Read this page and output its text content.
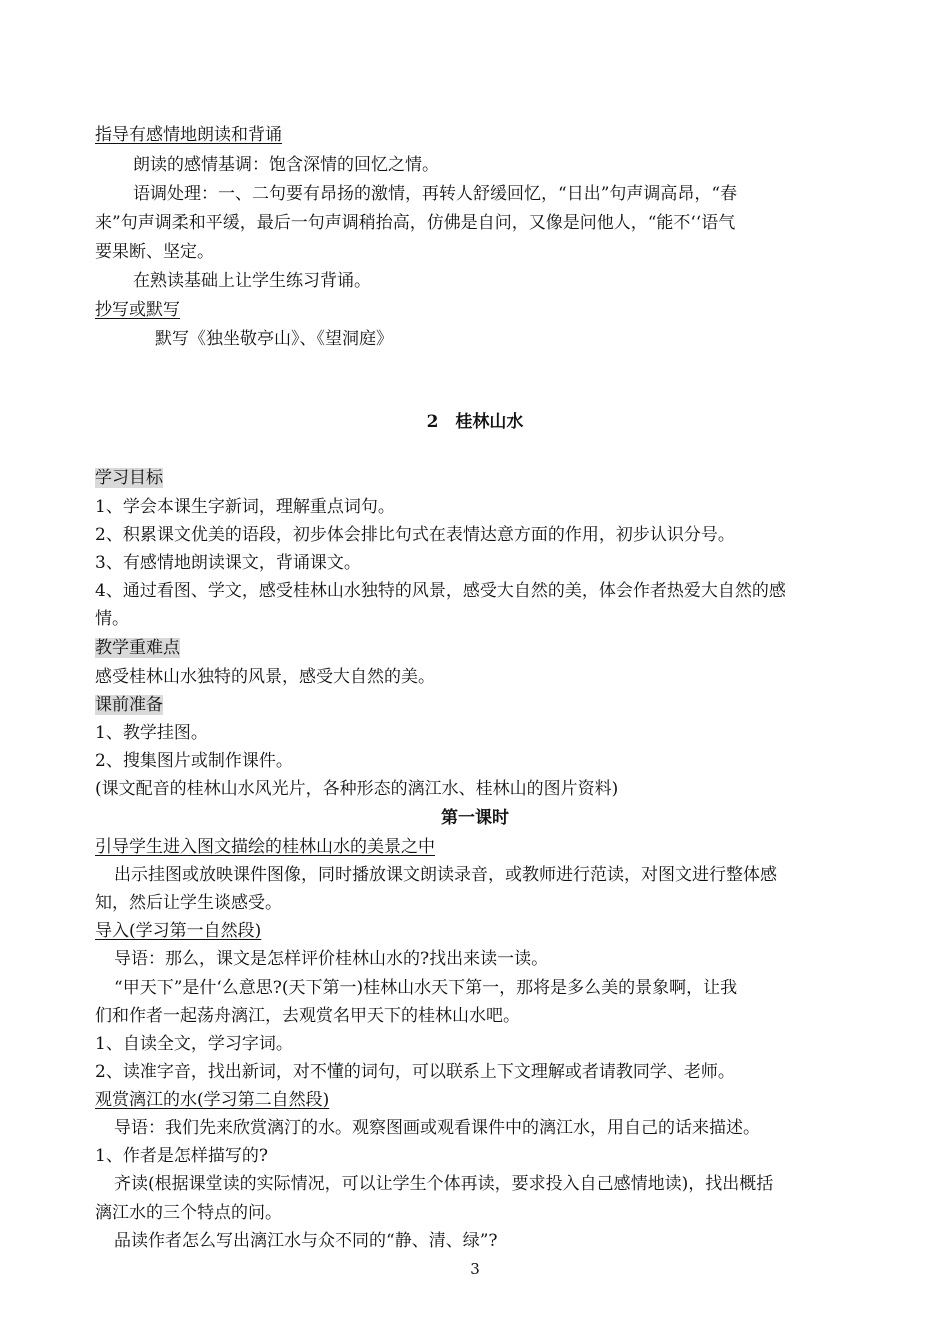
指导有感情地朗读和背诵
朗读的感情基调：饱含深情的回忆之情。
语调处理：一、二句要有昂扬的激情，再转人舒缓回忆，“日出”句声调高昂，“春
来”句声调柔和平缓，最后一句声调稍抬高，仿佛是自问，又像是问他人，“能不‘‘语气
要果断、坚定。
在熟读基础上让学生练习背诵。
抄写或默写
默写《独坐敬亭山》、《望洞庭》
2　桂林山水
学习目标
1、学会本课生字新词，理解重点词句。
2、积累课文优美的语段，初步体会排比句式在表情达意方面的作用，初步认识分号。
3、有感情地朗读课文，背诵课文。
4、通过看图、学文，感受桂林山水独特的风景，感受大自然的美，体会作者热爱大自然的感
情。
教学重难点
感受桂林山水独特的风景，感受大自然的美。
课前准备
1、教学挂图。
2、搜集图片或制作课件。
(课文配音的桂林山水风光片，各种形态的漓江水、桂林山的图片资料)
第一课时
引导学生进入图文描绘的桂林山水的美景之中
出示挂图或放映课件图像，同时播放课文朗读录音，或教师进行范读，对图文进行整体感
知，然后让学生谈感受。
导入(学习第一自然段)
导语：那么，课文是怎样评价桂林山水的?找出来读一读。
“甲天下”是什‘么意思?(天下第一)桂林山水天下第一，那将是多么美的景象啊，让我
们和作者一起荡舟漓江，去观赏名甲天下的桂林山水吧。
1、自读全文，学习字词。
2、读准字音，找出新词，对不懂的词句，可以联系上下文理解或者请教同学、老师。
观赏漓江的水(学习第二自然段)
导语：我们先来欣赏漓汀的水。观察图画或观看课件中的漓江水，用自己的话来描述。
1、作者是怎样描写的?
齐读(根据课堂读的实际情况，可以让学生个体再读，要求投入自己感情地读)，找出概括
漓江水的三个特点的问。
品读作者怎么写出漓江水与众不同的“静、清、绿”?
3
